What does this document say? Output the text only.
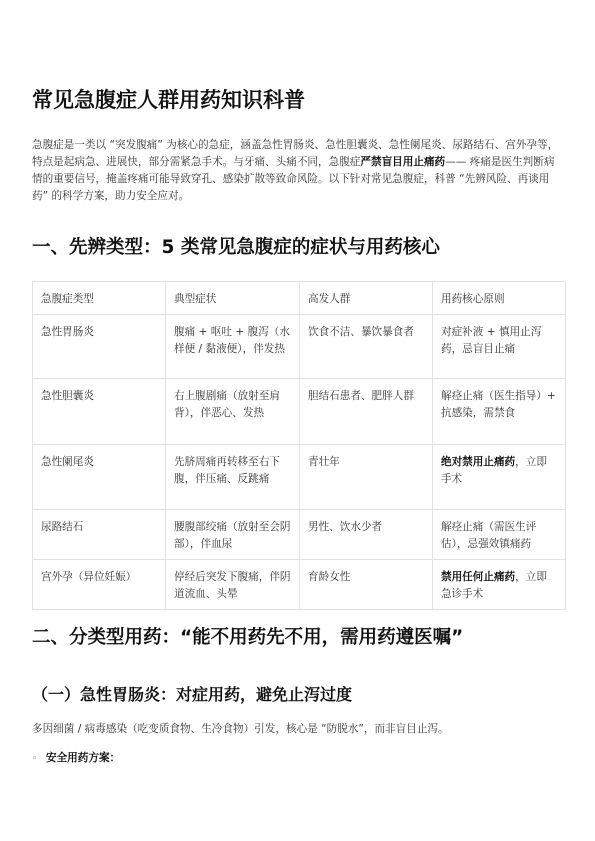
常见急腹症人群用药知识科普

急腹症是一类以 “突发腹痛” 为核心的急症，涵盖急性胃肠炎、急性胆囊炎、急性阑尾炎、尿路结石、宫外孕等，特点是起病急、进展快，部分需紧急手术。与牙痛、头痛不同，急腹症严禁盲目用止痛药—— 疼痛是医生判断病情的重要信号，掩盖疼痛可能导致穿孔、感染扩散等致命风险。以下针对常见急腹症，科普 “先辨风险、再谈用药” 的科学方案，助力安全应对。

一、先辨类型：5 类常见急腹症的症状与用药核心
急腹症类型	典型症状	高发人群	用药核心原则
急性胃肠炎	腹痛 + 呕吐 + 腹泻（水样便 / 黏液便），伴发热	饮食不洁、暴饮暴食者	对症补液 + 慎用止泻药，忌盲目止痛
急性胆囊炎	右上腹剧痛（放射至肩背），伴恶心、发热	胆结石患者、肥胖人群	解痉止痛（医生指导）+ 抗感染，需禁食
急性阑尾炎	先脐周痛再转移至右下腹，伴压痛、反跳痛	青壮年	绝对禁用止痛药，立即手术
尿路结石	腰腹部绞痛（放射至会阴部），伴血尿	男性、饮水少者	解痉止痛（需医生评估），忌强效镇痛药
宫外孕（异位妊娠）	停经后突发下腹痛，伴阴道流血、头晕	育龄女性	禁用任何止痛药，立即急诊手术
二、分类型用药：“能不用药先不用，需用药遵医嘱”
（一）急性胃肠炎：对症用药，避免止泻过度

多因细菌 / 病毒感染（吃变质食物、生冷食物）引发，核心是 “防脱水”，而非盲目止泻。

◦ 安全用药方案：
